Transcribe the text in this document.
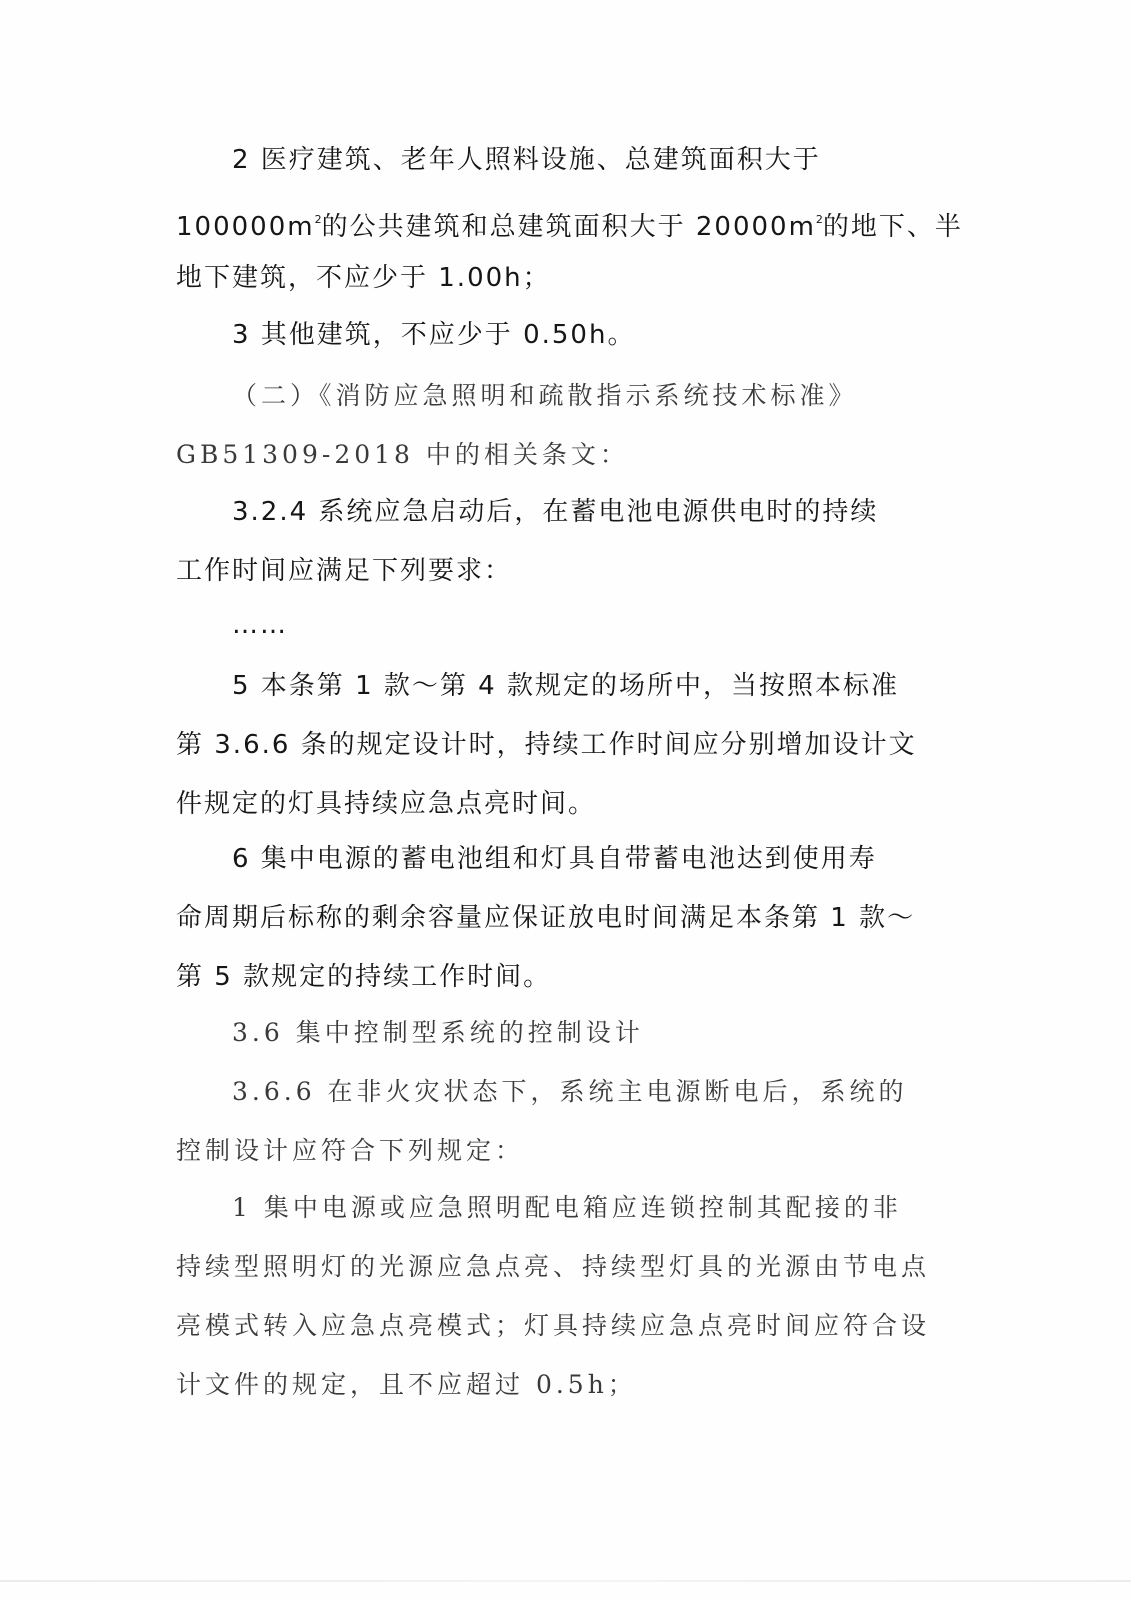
2 医疗建筑、老年人照料设施、总建筑面积大于
$100000m^2$的公共建筑和总建筑面积大于 $20000m^2$的地下、半
地下建筑，不应少于 1.00h；
3 其他建筑，不应少于 0.50h。
（二）《消防应急照明和疏散指示系统技术标准》
GB51309-2018 中的相关条文：
3.2.4 系统应急启动后，在蓄电池电源供电时的持续
工作时间应满足下列要求：
……
5 本条第 1 款～第 4 款规定的场所中，当按照本标准
第 3.6.6 条的规定设计时，持续工作时间应分别增加设计文
件规定的灯具持续应急点亮时间。
6 集中电源的蓄电池组和灯具自带蓄电池达到使用寿
命周期后标称的剩余容量应保证放电时间满足本条第 1 款～
第 5 款规定的持续工作时间。
3.6 集中控制型系统的控制设计
3.6.6 在非火灾状态下，系统主电源断电后，系统的
控制设计应符合下列规定：
1 集中电源或应急照明配电箱应连锁控制其配接的非
持续型照明灯的光源应急点亮、持续型灯具的光源由节电点
亮模式转入应急点亮模式；灯具持续应急点亮时间应符合设
计文件的规定，且不应超过 0.5h；
